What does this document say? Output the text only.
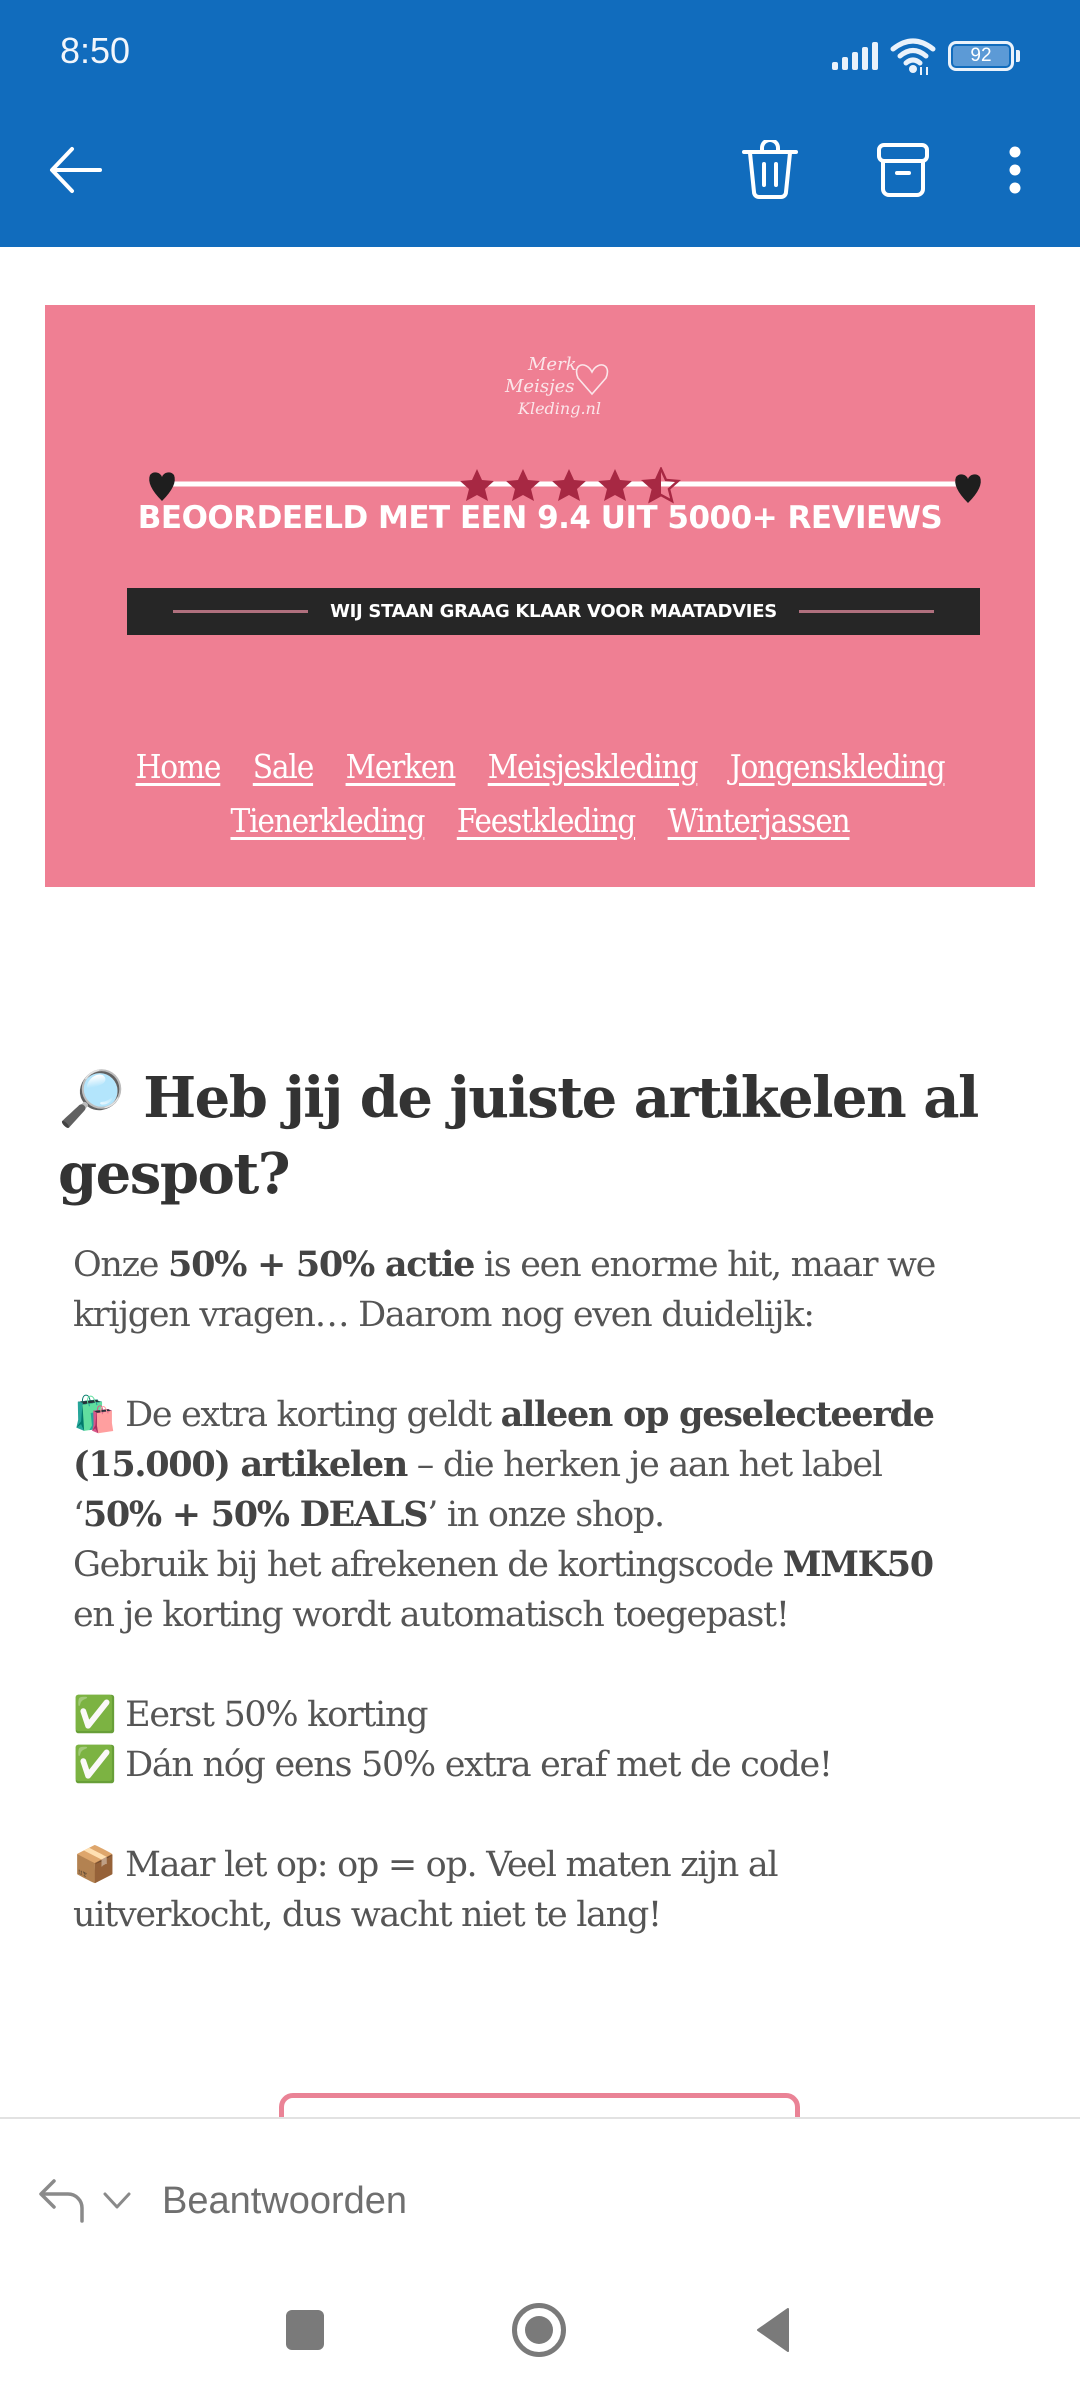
8:50	92
Merk
Meisjes
Kleding.nl
BEOORDEELD MET EEN 9.4 UIT 5000+ REVIEWS
WIJ STAAN GRAAG KLAAR VOOR MAATADVIES
Home Sale Merken Meisjeskleding Jongenskleding
Tienerkleding Feestkleding Winterjassen
🔎 Heb jij de juiste artikelen al gespot?

Onze 50% + 50% actie is een enorme hit, maar we krijgen vragen… Daarom nog even duidelijk:

🛍️ De extra korting geldt alleen op geselecteerde (15.000) artikelen – die herken je aan het label ‘50% + 50% DEALS’ in onze shop.

Gebruik bij het afrekenen de kortingscode MMK50 en je korting wordt automatisch toegepast!

✅ Eerst 50% korting

✅ Dán nóg eens 50% extra eraf met de code!

📦 Maar let op: op = op. Veel maten zijn al uitverkocht, dus wacht niet te lang!

Beantwoorden
